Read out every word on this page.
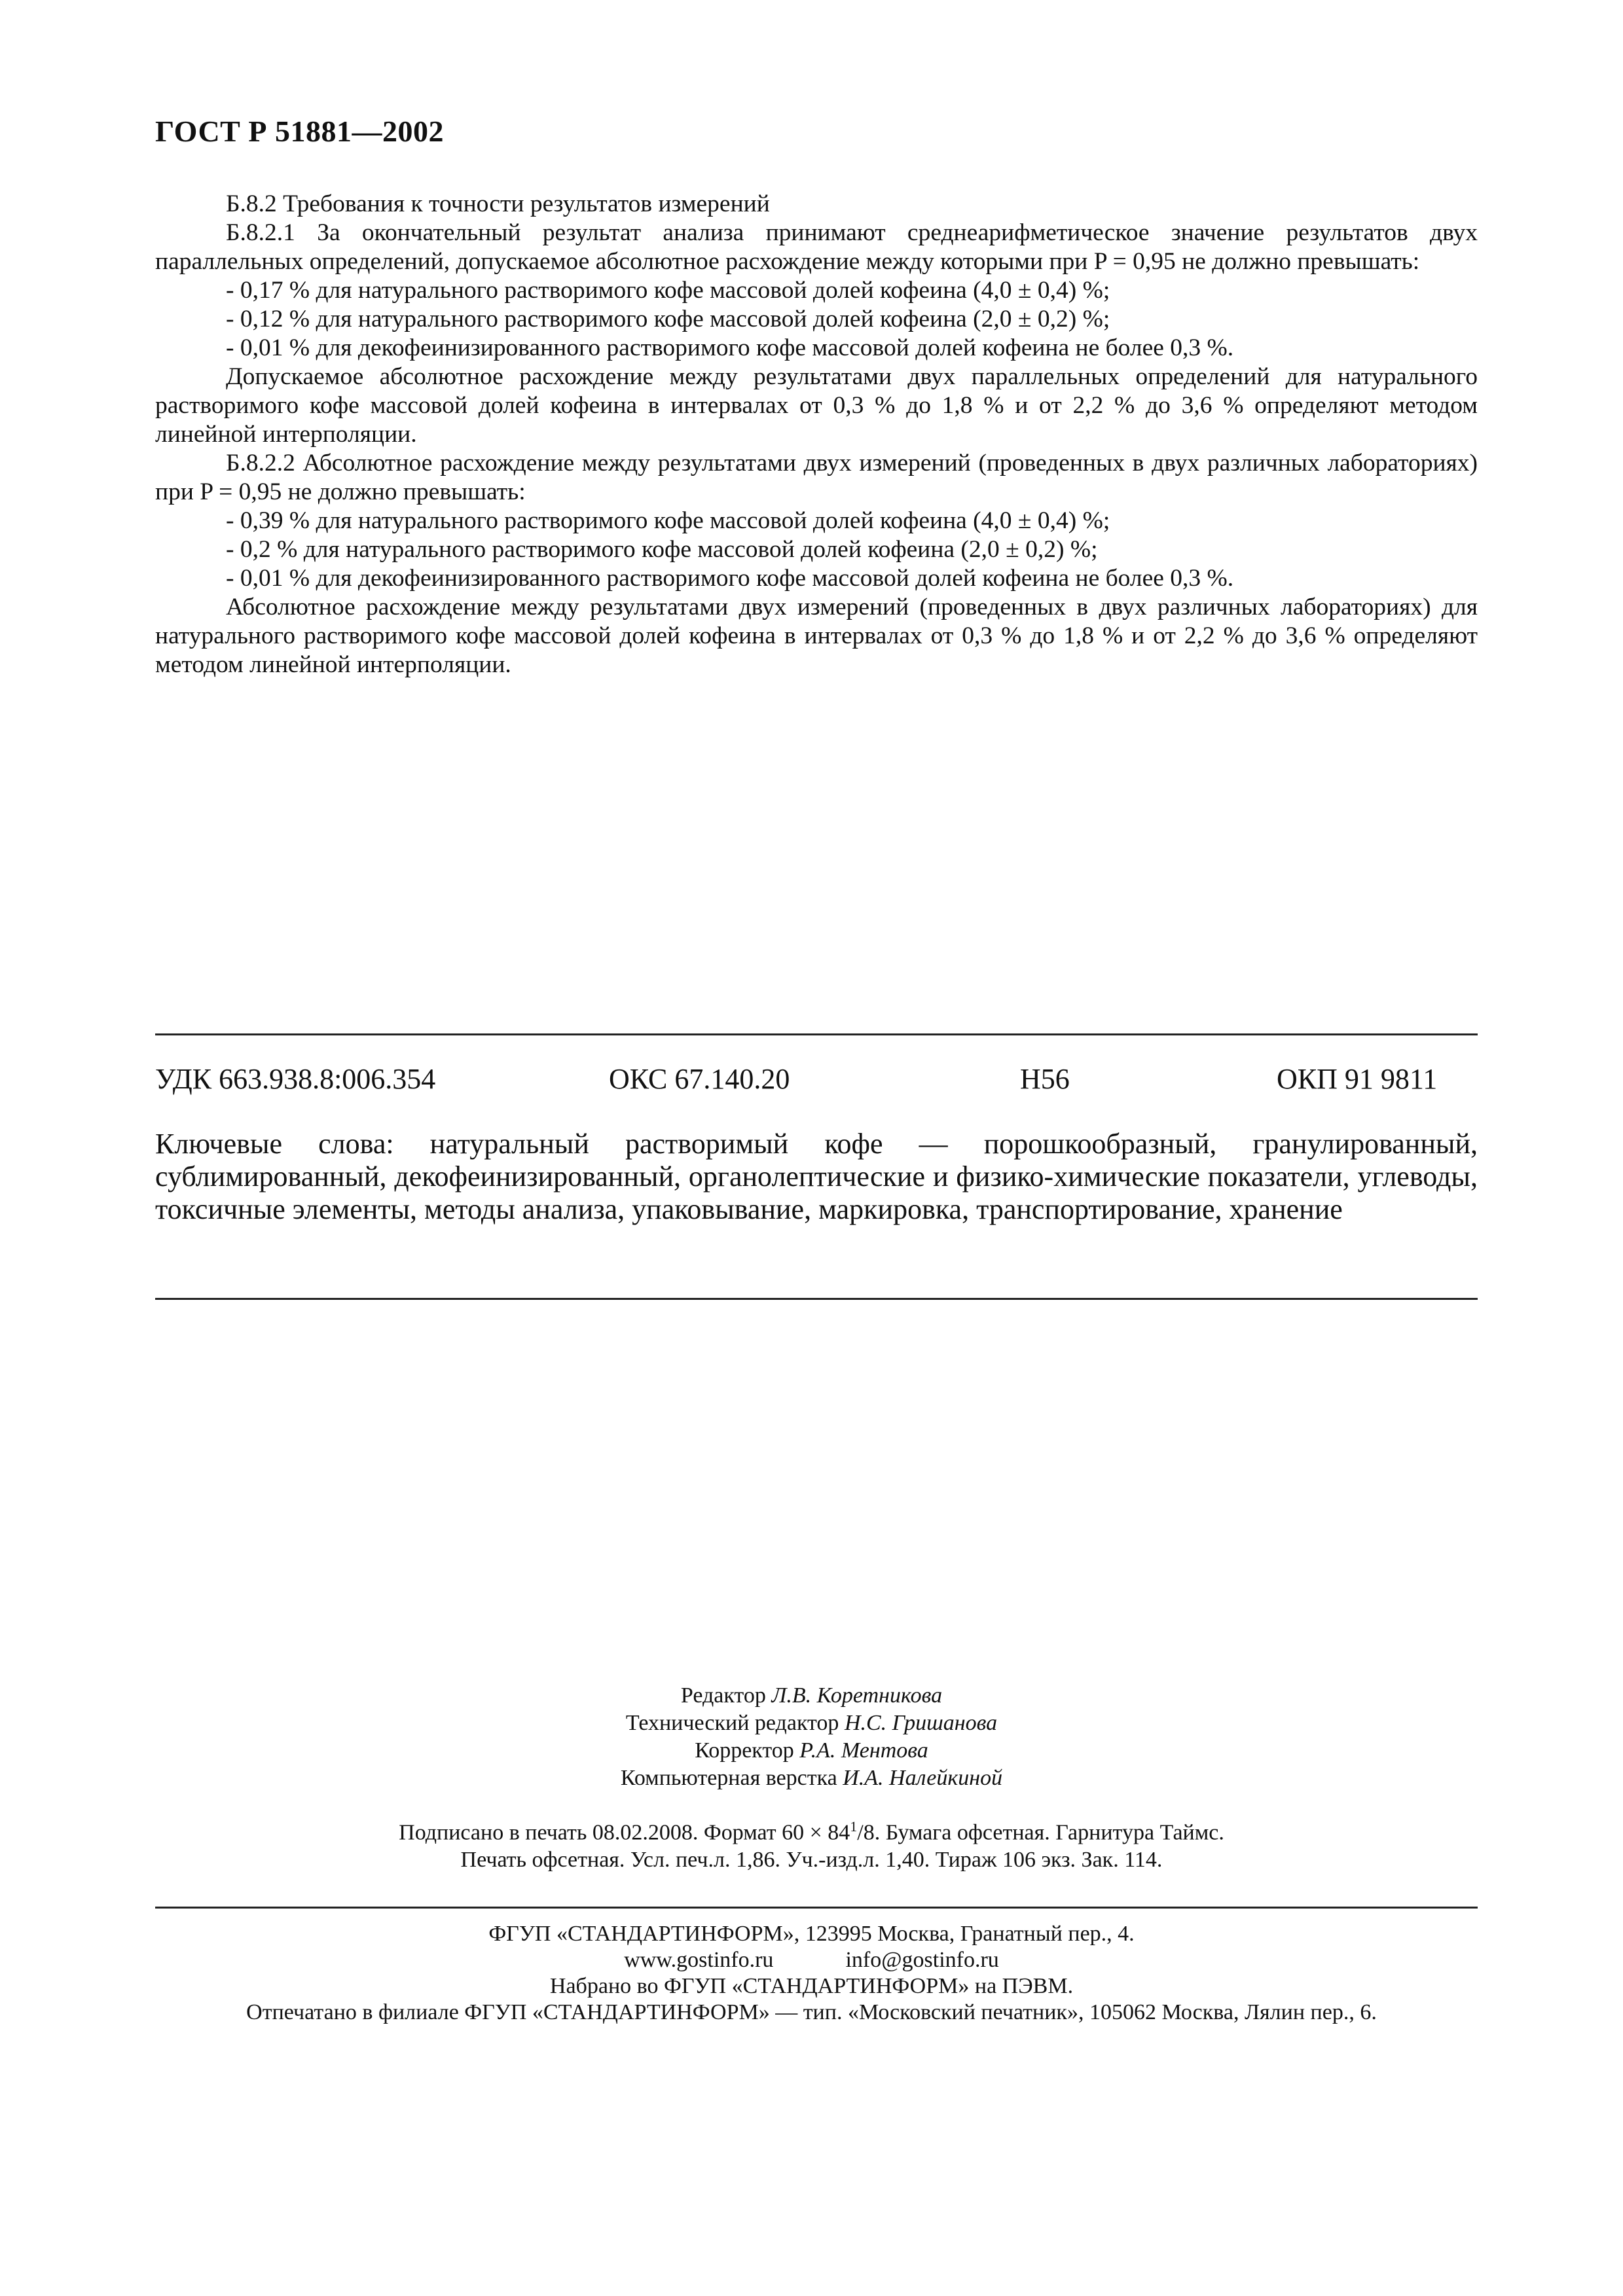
ГОСТ Р 51881—2002

Б.8.2 Требования к точности результатов измерений

Б.8.2.1 За окончательный результат анализа принимают среднеарифметическое значение результатов двух параллельных определений, допускаемое абсолютное расхождение между которыми при P = 0,95 не должно превышать:

- 0,17 % для натурального растворимого кофе массовой долей кофеина (4,0 ± 0,4) %;

- 0,12 % для натурального растворимого кофе массовой долей кофеина (2,0 ± 0,2) %;

- 0,01 % для декофеинизированного растворимого кофе массовой долей кофеина не более 0,3 %.

Допускаемое абсолютное расхождение между результатами двух параллельных определений для натурального растворимого кофе массовой долей кофеина в интервалах от 0,3 % до 1,8 % и от 2,2 % до 3,6 % определяют методом линейной интерполяции.

Б.8.2.2 Абсолютное расхождение между результатами двух измерений (проведенных в двух различных лабораториях) при P = 0,95 не должно превышать:

- 0,39 % для натурального растворимого кофе массовой долей кофеина (4,0 ± 0,4) %;

- 0,2 % для натурального растворимого кофе массовой долей кофеина (2,0 ± 0,2) %;

- 0,01 % для декофеинизированного растворимого кофе массовой долей кофеина не более 0,3 %.

Абсолютное расхождение между результатами двух измерений (проведенных в двух различных лабораториях) для натурального растворимого кофе массовой долей кофеина в интервалах от 0,3 % до 1,8 % и от 2,2 % до 3,6 % определяют методом линейной интерполяции.

УДК 663.938.8:006.354	ОКС 67.140.20	Н56	ОКП 91 9811
Ключевые слова: натуральный растворимый кофе — порошкообразный, гранулированный, сублимированный, декофеинизированный, органолептические и физико-химические показатели, углеводы, токсичные элементы, методы анализа, упаковывание, маркировка, транспортирование, хранение
Редактор Л.В. Коретникова
Технический редактор Н.С. Гришанова
Корректор Р.А. Ментова
Компьютерная верстка И.А. Налейкиной
Подписано в печать 08.02.2008. Формат $60 \times 84^1/8$. Бумага офсетная. Гарнитура Таймс.
Печать офсетная. Усл. печ.л. 1,86. Уч.-изд.л. 1,40. Тираж 106 экз. Зак. 114.
ФГУП «СТАНДАРТИНФОРМ», 123995 Москва, Гранатный пер., 4.
www.gostinfo.ru	info@gostinfo.ru
Набрано во ФГУП «СТАНДАРТИНФОРМ» на ПЭВМ.
Отпечатано в филиале ФГУП «СТАНДАРТИНФОРМ» — тип. «Московский печатник», 105062 Москва, Лялин пер., 6.
